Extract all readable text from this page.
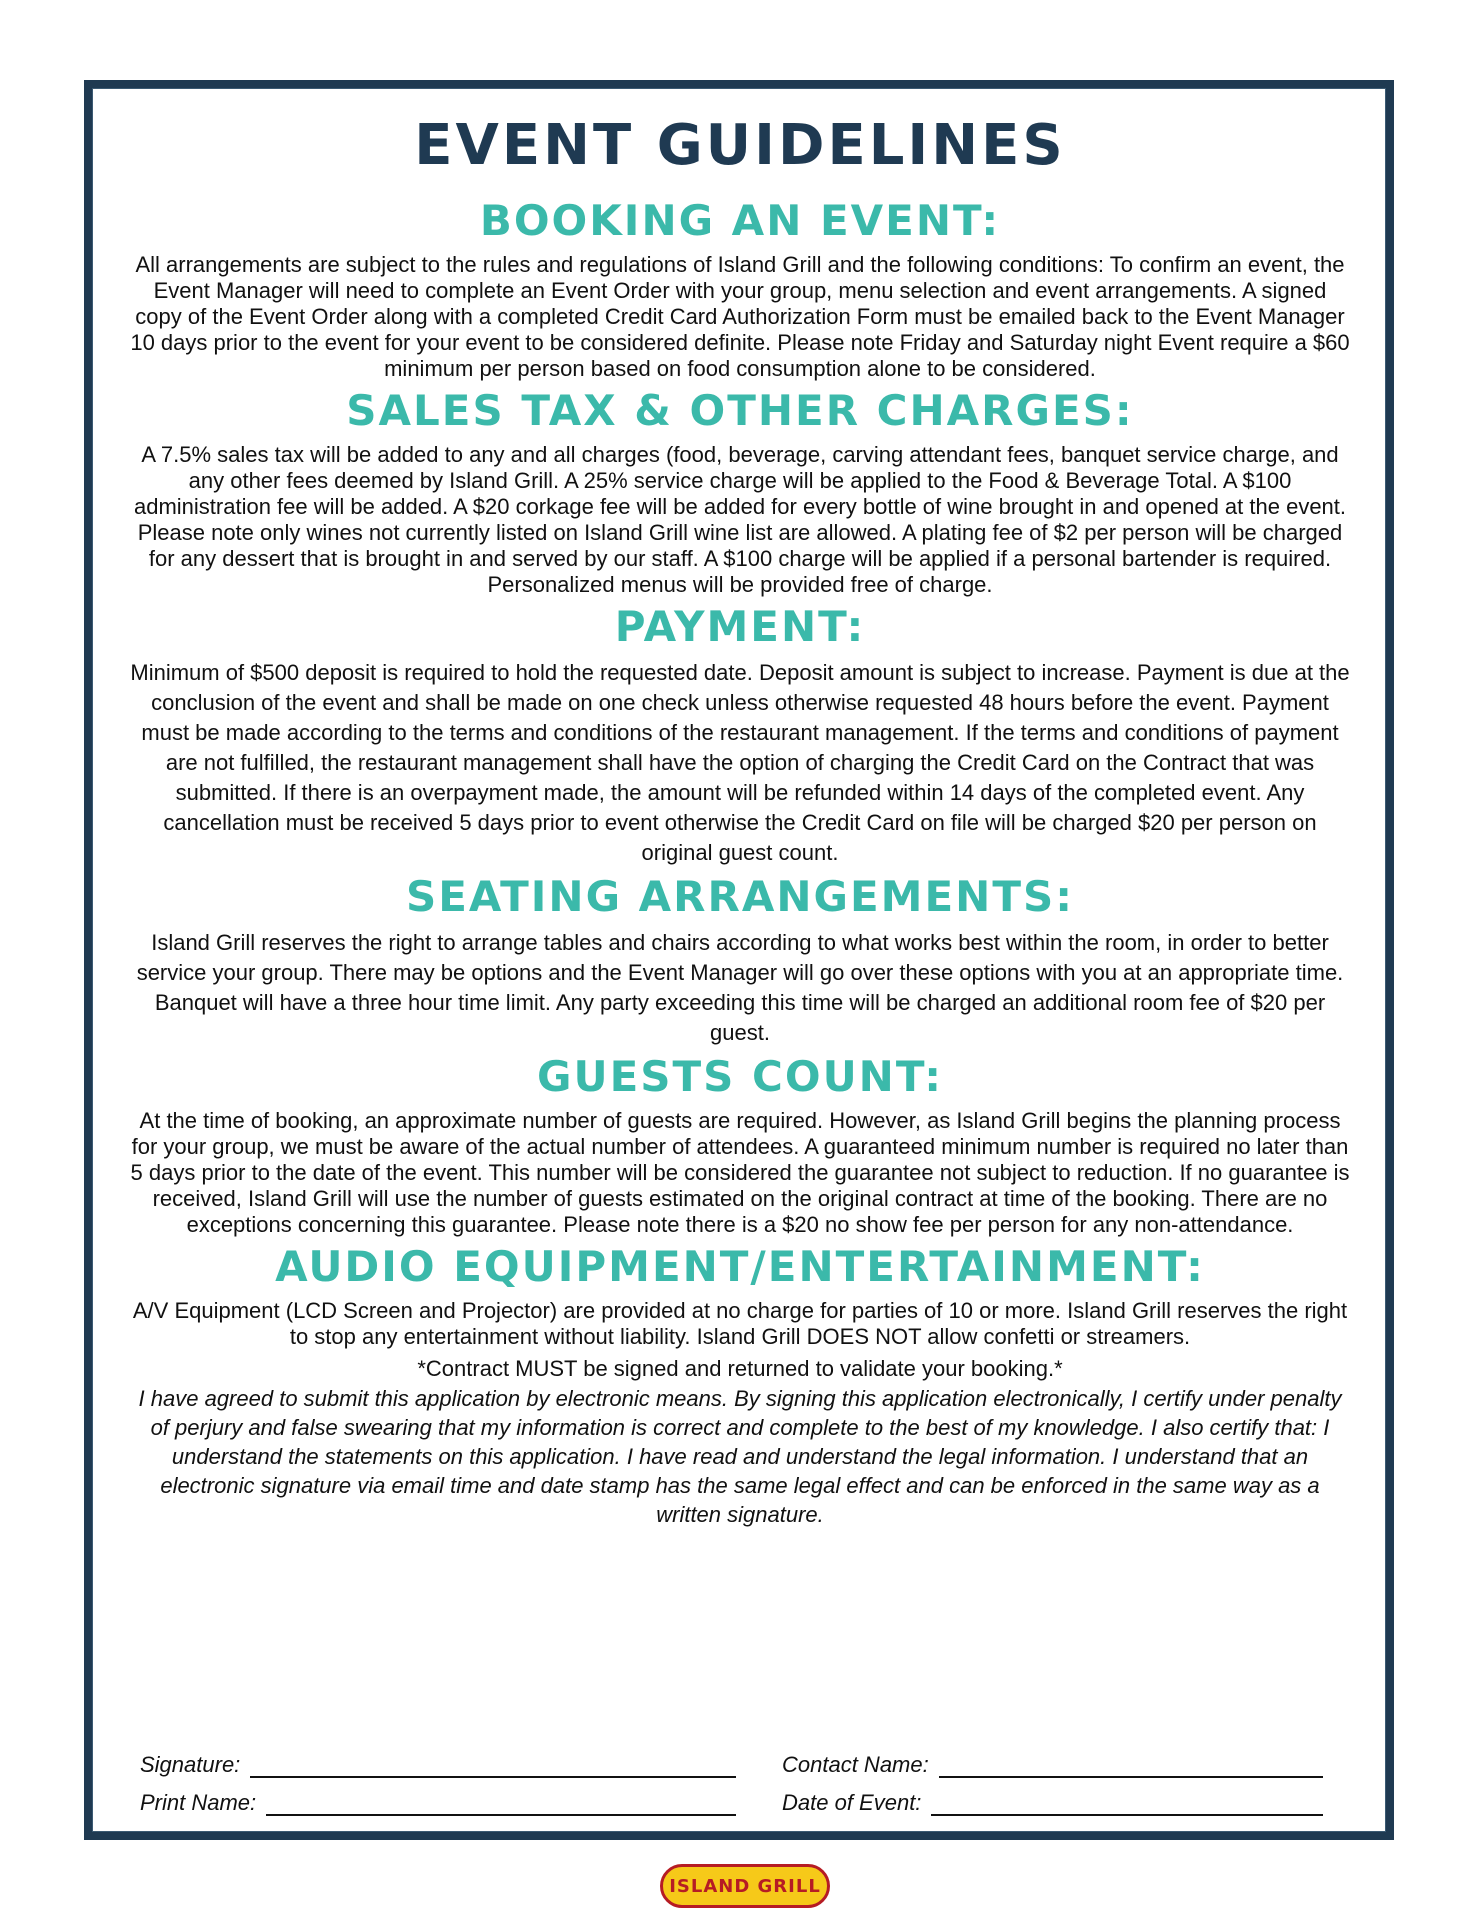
EVENT GUIDELINES
BOOKING AN EVENT:

All arrangements are subject to the rules and regulations of Island Grill and the following conditions: To confirm an event, the Event Manager will need to complete an Event Order with your group, menu selection and event arrangements. A signed copy of the Event Order along with a completed Credit Card Authorization Form must be emailed back to the Event Manager 10 days prior to the event for your event to be considered definite. Please note Friday and Saturday night Event require a $60 minimum per person based on food consumption alone to be considered.

SALES TAX & OTHER CHARGES:

A 7.5% sales tax will be added to any and all charges (food, beverage, carving attendant fees, banquet service charge, and any other fees deemed by Island Grill. A 25% service charge will be applied to the Food & Beverage Total. A $100 administration fee will be added. A $20 corkage fee will be added for every bottle of wine brought in and opened at the event. Please note only wines not currently listed on Island Grill wine list are allowed. A plating fee of $2 per person will be charged for any dessert that is brought in and served by our staff. A $100 charge will be applied if a personal bartender is required. Personalized menus will be provided free of charge.

PAYMENT:

Minimum of $500 deposit is required to hold the requested date. Deposit amount is subject to increase. Payment is due at the conclusion of the event and shall be made on one check unless otherwise requested 48 hours before the event. Payment must be made according to the terms and conditions of the restaurant management. If the terms and conditions of payment are not fulfilled, the restaurant management shall have the option of charging the Credit Card on the Contract that was submitted. If there is an overpayment made, the amount will be refunded within 14 days of the completed event. Any cancellation must be received 5 days prior to event otherwise the Credit Card on file will be charged $20 per person on original guest count.

SEATING ARRANGEMENTS:

Island Grill reserves the right to arrange tables and chairs according to what works best within the room, in order to better service your group. There may be options and the Event Manager will go over these options with you at an appropriate time. Banquet will have a three hour time limit. Any party exceeding this time will be charged an additional room fee of $20 per guest.

GUESTS COUNT:

At the time of booking, an approximate number of guests are required. However, as Island Grill begins the planning process for your group, we must be aware of the actual number of attendees. A guaranteed minimum number is required no later than 5 days prior to the date of the event. This number will be considered the guarantee not subject to reduction. If no guarantee is received, Island Grill will use the number of guests estimated on the original contract at time of the booking. There are no exceptions concerning this guarantee. Please note there is a $20 no show fee per person for any non-attendance.

AUDIO EQUIPMENT/ENTERTAINMENT:

A/V Equipment (LCD Screen and Projector) are provided at no charge for parties of 10 or more. Island Grill reserves the right to stop any entertainment without liability. Island Grill DOES NOT allow confetti or streamers.

*Contract MUST be signed and returned to validate your booking.*

I have agreed to submit this application by electronic means. By signing this application electronically, I certify under penalty of perjury and false swearing that my information is correct and complete to the best of my knowledge. I also certify that: I understand the statements on this application. I have read and understand the legal information. I understand that an electronic signature via email time and date stamp has the same legal effect and can be enforced in the same way as a written signature.

Signature:
Print Name:
Contact Name:
Date of Event:
ISLAND GRILL
